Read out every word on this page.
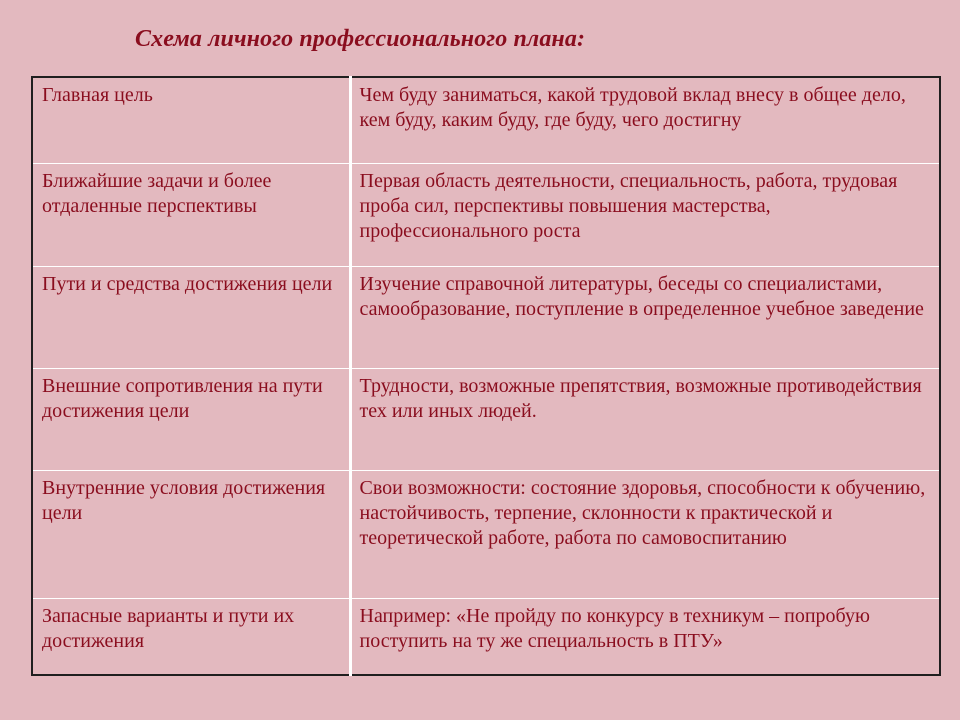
Схема личного профессионального плана:
Главная цель	Чем буду заниматься, какой трудовой вклад внесу в общее дело, кем буду, каким буду, где буду, чего достигну
Ближайшие задачи и более отдаленные перспективы	Первая область деятельности, специальность, работа, трудовая проба сил, перспективы повышения мастерства, профессионального роста
Пути и средства достижения цели	Изучение справочной литературы, беседы со специалистами, самообразование, поступление в определенное учебное заведение
Внешние сопротивления на пути достижения цели	Трудности, возможные препятствия, возможные противодействия тех или иных людей.
Внутренние условия достижения цели	Свои возможности: состояние здоровья, способности к обучению, настойчивость, терпение, склонности к практической и теоретической работе, работа по самовоспитанию
Запасные варианты и пути их достижения	Например: «Не пройду по конкурсу в техникум – попробую поступить на ту же специальность в ПТУ»
